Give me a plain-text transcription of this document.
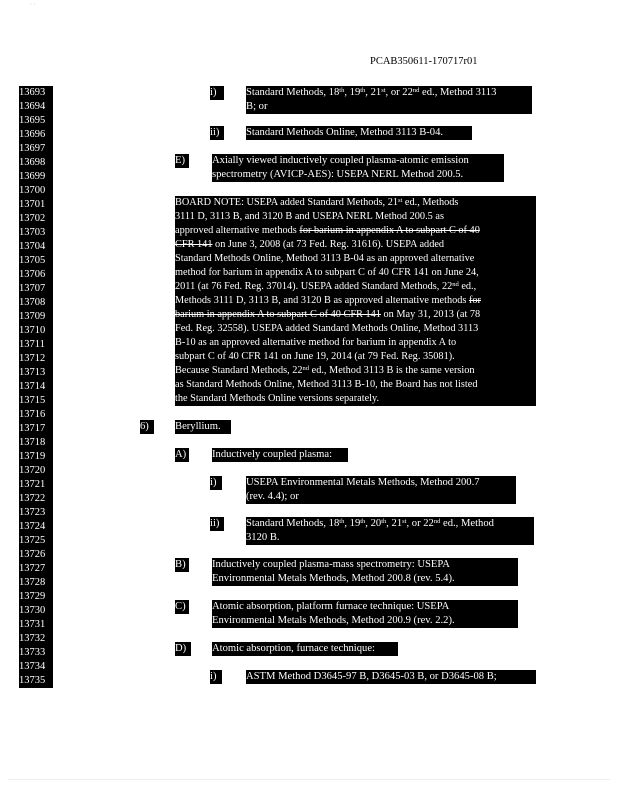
· ·
PCAB350611-170717r01
13693
13694
13695
13696
13697
13698
13699
13700
13701
13702
13703
13704
13705
13706
13707
13708
13709
13710
13711
13712
13713
13714
13715
13716
13717
13718
13719
13720
13721
13722
13723
13724
13725
13726
13727
13728
13729
13730
13731
13732
13733
13734
13735
i)	Standard Methods, 18th, 19th, 21st, or 22nd ed., Method 3113
B; or
ii)	Standard Methods Online, Method 3113 B-04.
E)	Axially viewed inductively coupled plasma-atomic emission
spectrometry (AVICP-AES): USEPA NERL Method 200.5.
BOARD NOTE: USEPA added Standard Methods, 21st ed., Methods
3111 D, 3113 B, and 3120 B and USEPA NERL Method 200.5 as
approved alternative methods for barium in appendix A to subpart C of 40
CFR 141 on June 3, 2008 (at 73 Fed. Reg. 31616). USEPA added
Standard Methods Online, Method 3113 B-04 as an approved alternative
method for barium in appendix A to subpart C of 40 CFR 141 on June 24,
2011 (at 76 Fed. Reg. 37014). USEPA added Standard Methods, 22nd ed.,
Methods 3111 D, 3113 B, and 3120 B as approved alternative methods for
barium in appendix A to subpart C of 40 CFR 141 on May 31, 2013 (at 78
Fed. Reg. 32558). USEPA added Standard Methods Online, Method 3113
B-10 as an approved alternative method for barium in appendix A to
subpart C of 40 CFR 141 on June 19, 2014 (at 79 Fed. Reg. 35081).
Because Standard Methods, 22nd ed., Method 3113 B is the same version
as Standard Methods Online, Method 3113 B-10, the Board has not listed
the Standard Methods Online versions separately.
6)	Beryllium.
A) Inductively coupled plasma:
i)	USEPA Environmental Metals Methods, Method 200.7
(rev. 4.4); or
ii)	Standard Methods, 18th, 19th, 20th, 21st, or 22nd ed., Method
3120 B.
B)	Inductively coupled plasma-mass spectrometry: USEPA
Environmental Metals Methods, Method 200.8 (rev. 5.4).
C)	Atomic absorption, platform furnace technique: USEPA
Environmental Metals Methods, Method 200.9 (rev. 2.2).
D)	Atomic absorption, furnace technique:
i)	ASTM Method D3645-97 B, D3645-03 B, or D3645-08 B;
